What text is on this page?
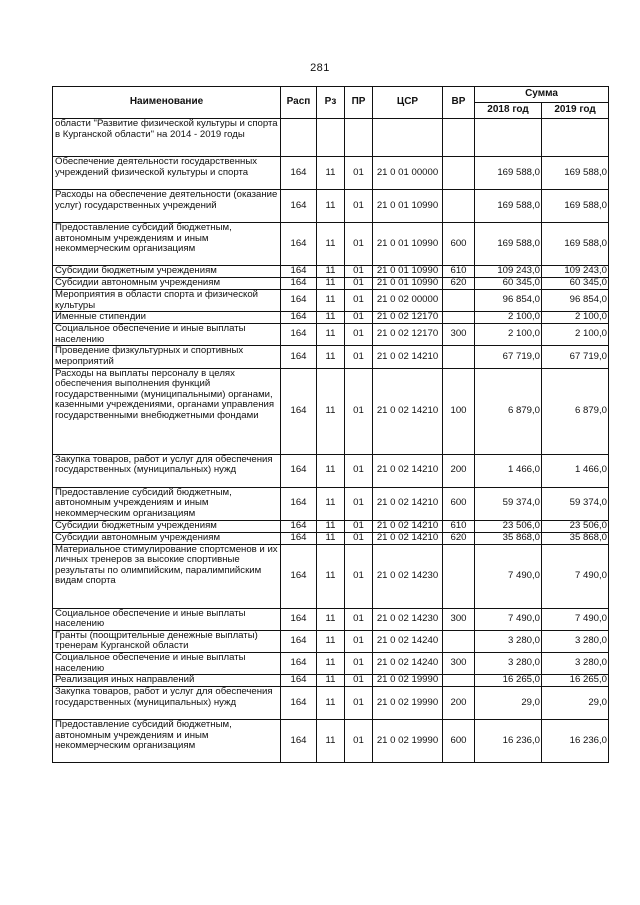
281
Наименование	Расп	Рз	ПР	ЦСР	ВР	Сумма	
						2018 год	2019 год
области "Развитие физической культуры и спорта в Курганской области" на 2014 - 2019 годы							
Обеспечение деятельности государственных учреждений физической культуры и спорта	164	11	01	21 0 01 00000		169 588,0	169 588,0
Расходы на обеспечение деятельности (оказание услуг) государственных учреждений	164	11	01	21 0 01 10990		169 588,0	169 588,0
Предоставление субсидий бюджетным, автономным учреждениям и иным некоммерческим организациям	164	11	01	21 0 01 10990	600	169 588,0	169 588,0
Субсидии бюджетным учреждениям	164	11	01	21 0 01 10990	610	109 243,0	109 243,0
Субсидии автономным учреждениям	164	11	01	21 0 01 10990	620	60 345,0	60 345,0
Мероприятия в области спорта и физической культуры	164	11	01	21 0 02 00000		96 854,0	96 854,0
Именные стипендии	164	11	01	21 0 02 12170		2 100,0	2 100,0
Социальное обеспечение и иные выплаты населению	164	11	01	21 0 02 12170	300	2 100,0	2 100,0
Проведение физкультурных и спортивных мероприятий	164	11	01	21 0 02 14210		67 719,0	67 719,0
Расходы на выплаты персоналу в целях обеспечения выполнения функций государственными (муниципальными) органами, казенными учреждениями, органами управления государственными внебюджетными фондами	164	11	01	21 0 02 14210	100	6 879,0	6 879,0
Закупка товаров, работ и услуг для обеспечения государственных (муниципальных) нужд	164	11	01	21 0 02 14210	200	1 466,0	1 466,0
Предоставление субсидий бюджетным, автономным учреждениям и иным некоммерческим организациям	164	11	01	21 0 02 14210	600	59 374,0	59 374,0
Субсидии бюджетным учреждениям	164	11	01	21 0 02 14210	610	23 506,0	23 506,0
Субсидии автономным учреждениям	164	11	01	21 0 02 14210	620	35 868,0	35 868,0
Материальное стимулирование спортсменов и их личных тренеров за высокие спортивные результаты по олимпийским, паралимпийским видам спорта	164	11	01	21 0 02 14230		7 490,0	7 490,0
Социальное обеспечение и иные выплаты населению	164	11	01	21 0 02 14230	300	7 490,0	7 490,0
Гранты (поощрительные денежные выплаты) тренерам Курганской области	164	11	01	21 0 02 14240		3 280,0	3 280,0
Социальное обеспечение и иные выплаты населению	164	11	01	21 0 02 14240	300	3 280,0	3 280,0
Реализация иных направлений	164	11	01	21 0 02 19990		16 265,0	16 265,0
Закупка товаров, работ и услуг для обеспечения государственных (муниципальных) нужд	164	11	01	21 0 02 19990	200	29,0	29,0
Предоставление субсидий бюджетным, автономным учреждениям и иным некоммерческим организациям	164	11	01	21 0 02 19990	600	16 236,0	16 236,0
